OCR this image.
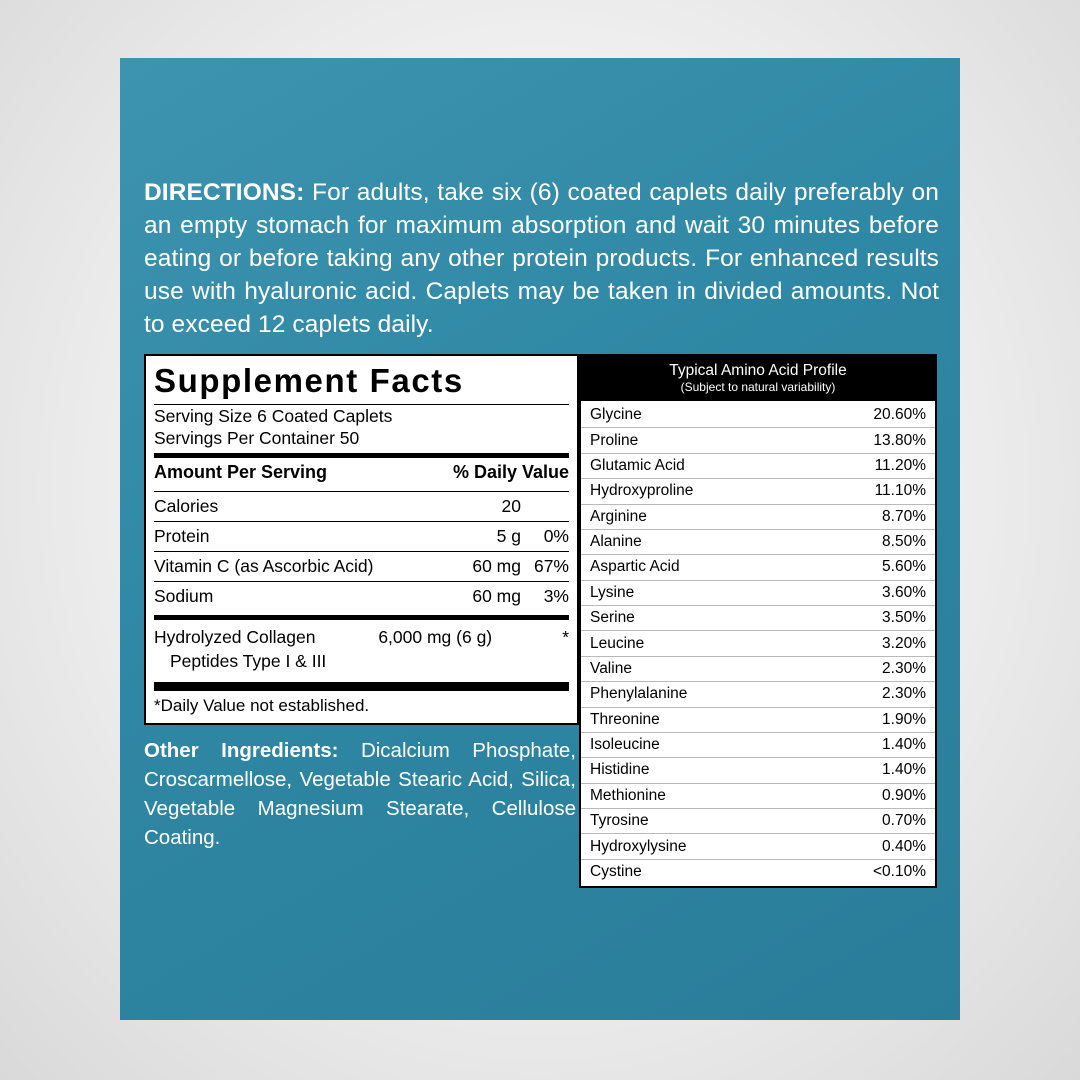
DIRECTIONS: For adults, take six (6) coated caplets daily preferably on an empty stomach for maximum absorption and wait 30 minutes before eating or before taking any other protein products. For enhanced results use with hyaluronic acid. Caplets may be taken in divided amounts. Not to exceed 12 caplets daily.
Supplement Facts
Serving Size 6 Coated Caplets
Servings Per Container 50
Amount Per Serving	% Daily Value
Calories	20
Protein	5 g	0%
Vitamin C (as Ascorbic Acid)	60 mg 67%
Sodium	60 mg	3%
Hydrolyzed Collagen	6,000 mg (6 g)	*
Peptides Type I & III
*Daily Value not established.
Other Ingredients: Dicalcium Phosphate, Croscarmellose, Vegetable Stearic Acid, Silica, Vegetable Magnesium Stearate, Cellulose Coating.
Typical Amino Acid Profile
(Subject to natural variability)
Glycine	20.60%
Proline	13.80%
Glutamic Acid	11.20%
Hydroxyproline	11.10%
Arginine	8.70%
Alanine	8.50%
Aspartic Acid	5.60%
Lysine	3.60%
Serine	3.50%
Leucine	3.20%
Valine	2.30%
Phenylalanine	2.30%
Threonine	1.90%
Isoleucine	1.40%
Histidine	1.40%
Methionine	0.90%
Tyrosine	0.70%
Hydroxylysine	0.40%
Cystine	<0.10%
